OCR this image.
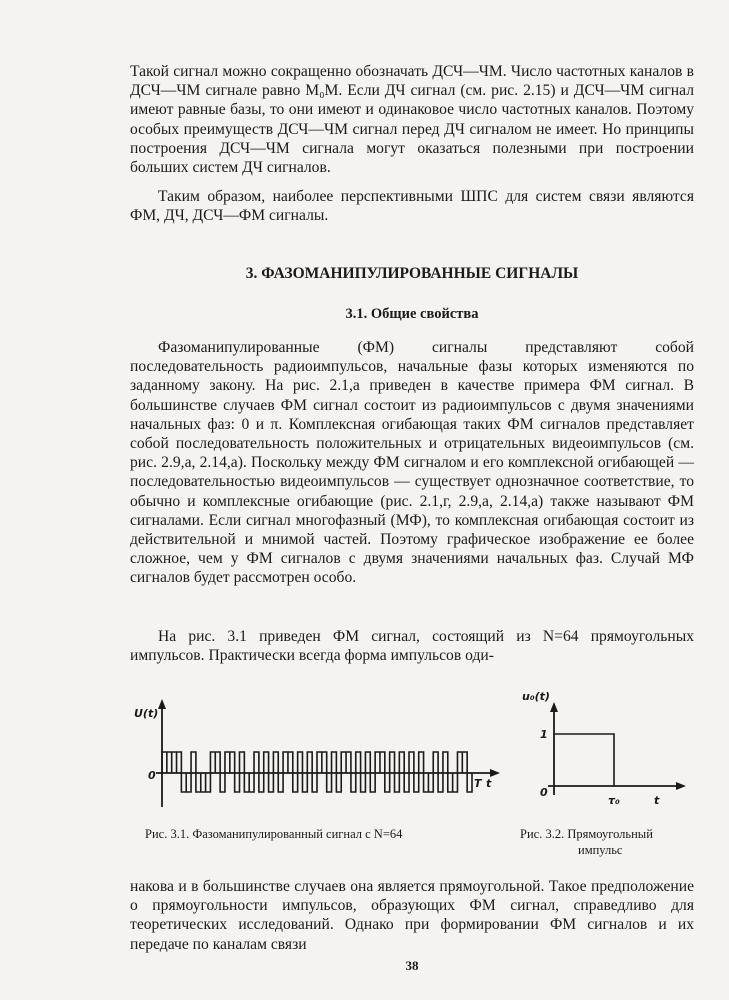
Такой сигнал можно сокращенно обозначать ДСЧ—ЧМ. Число частотных каналов в ДСЧ—ЧМ сигнале равно M₀M. Если ДЧ сигнал (см. рис. 2.15) и ДСЧ—ЧМ сигнал имеют равные базы, то они имеют и одинаковое число частотных каналов. Поэтому особых преимуществ ДСЧ—ЧМ сигнал перед ДЧ сигналом не имеет. Но принципы построения ДСЧ—ЧМ сигнала могут оказаться полезными при построении больших систем ДЧ сигналов.

Таким образом, наиболее перспективными ШПС для систем связи являются ФМ, ДЧ, ДСЧ—ФМ сигналы.

3. ФАЗОМАНИПУЛИРОВАННЫЕ СИГНАЛЫ
3.1. Общие свойства

Фазоманипулированные (ФМ) сигналы представляют собой последовательность радиоимпульсов, начальные фазы которых изменяются по заданному закону. На рис. 2.1,а приведен в качестве примера ФМ сигнал. В большинстве случаев ФМ сигнал состоит из радиоимпульсов с двумя значениями начальных фаз: 0 и π. Комплексная огибающая таких ФМ сигналов представляет собой последовательность положительных и отрицательных видеоимпульсов (см. рис. 2.9,а, 2.14,а). Поскольку между ФМ сигналом и его комплексной огибающей — последовательностью видеоимпульсов — существует однозначное соответствие, то обычно и комплексные огибающие (рис. 2.1,г, 2.9,а, 2.14,а) также называют ФМ сигналами. Если сигнал многофазный (МФ), то комплексная огибающая состоит из действительной и мнимой частей. Поэтому графическое изображение ее более сложное, чем у ФМ сигналов с двумя значениями начальных фаз. Случай МФ сигналов будет рассмотрен особо.

На рис. 3.1 приведен ФМ сигнал, состоящий из N=64 прямоугольных импульсов. Практически всегда форма импульсов оди-

U(t)
0
T t

Рис. 3.1. Фазоманипулированный сигнал с N=64

u₀(t)
1
0
τ₀	t

Рис. 3.2. Прямоугольный

импульс

накова и в большинстве случаев она является прямоугольной. Такое предположение о прямоугольности импульсов, образующих ФМ сигнал, справедливо для теоретических исследований. Однако при формировании ФМ сигналов и их передаче по каналам связи

38
